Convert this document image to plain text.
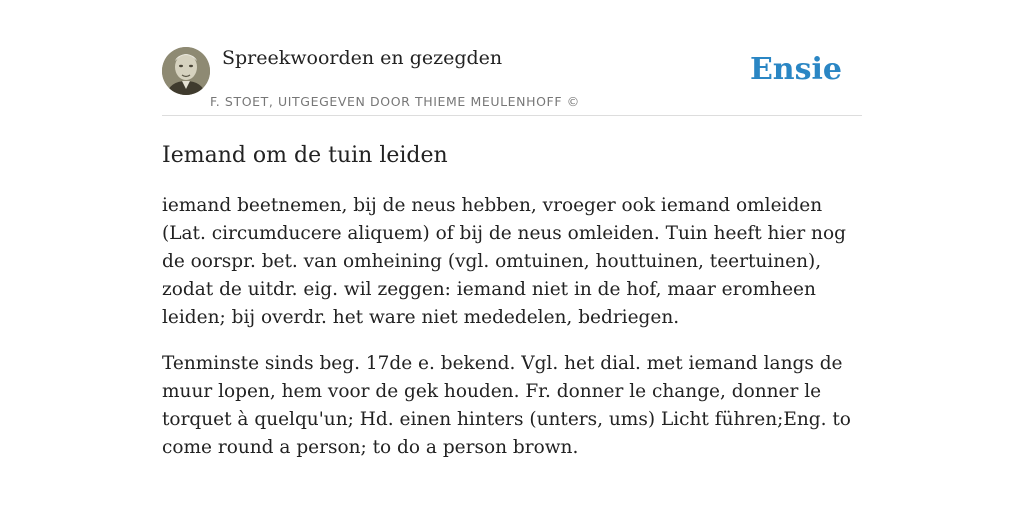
Spreekwoorden en gezegden
F. STOET, UITGEGEVEN DOOR THIEME MEULENHOFF ©
Ensie
Iemand om de tuin leiden

iemand beetnemen, bij de neus hebben, vroeger ook iemand omleiden (Lat. circumducere aliquem) of bij de neus omleiden. Tuin heeft hier nog de oorspr. bet. van omheining (vgl. omtuinen, houttuinen, teertuinen), zodat de uitdr. eig. wil zeggen: iemand niet in de hof, maar eromheen leiden; bij overdr. het ware niet mededelen, bedriegen.

Tenminste sinds beg. 17de e. bekend. Vgl. het dial. met iemand langs de muur lopen, hem voor de gek houden. Fr. donner le change, donner le torquet à quelqu'un; Hd. einen hinters (unters, ums) Licht führen;Eng. to come round a person; to do a person brown.
